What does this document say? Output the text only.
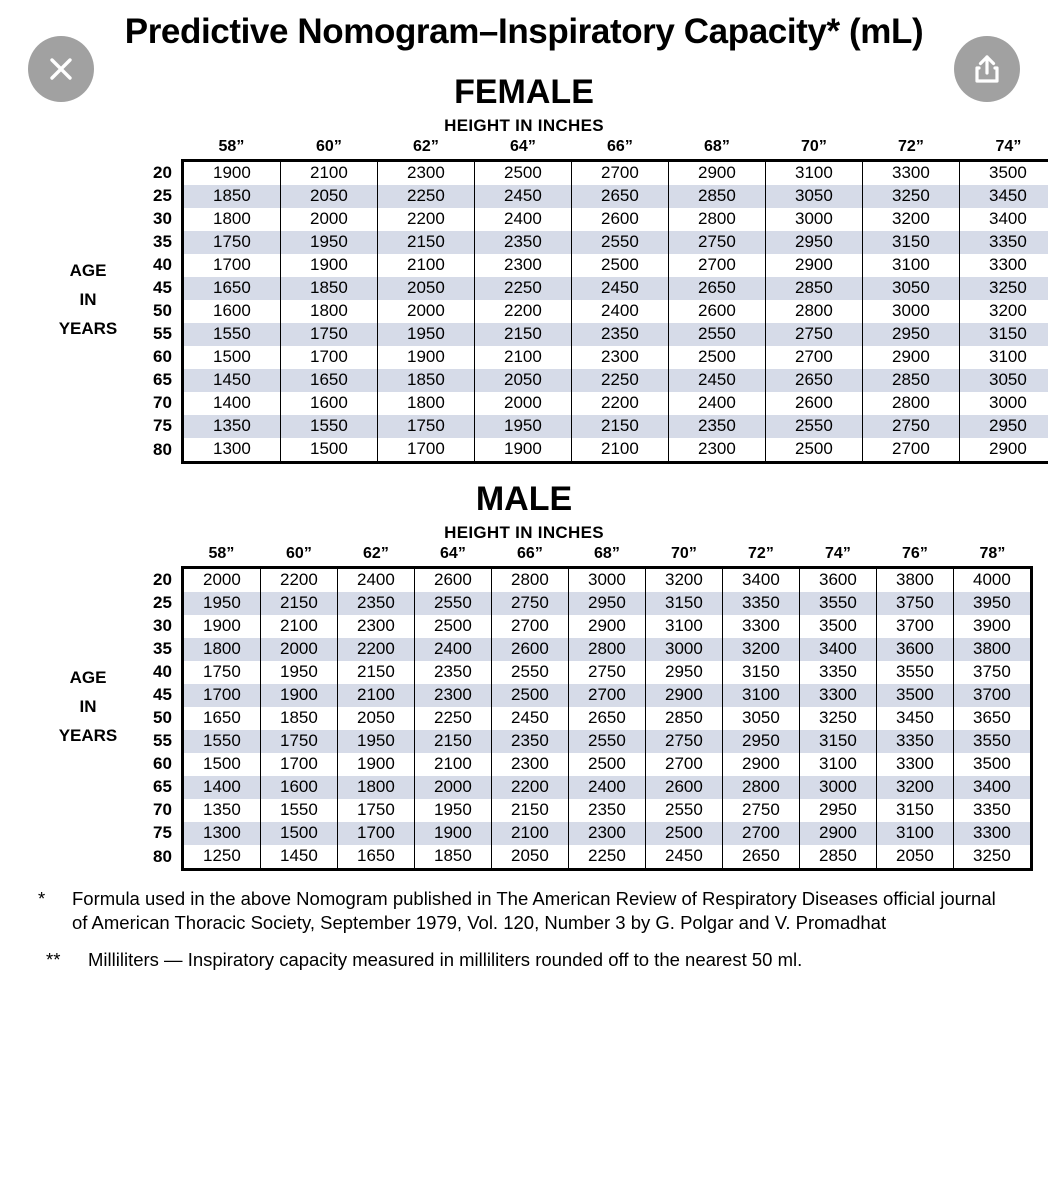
Predictive Nomogram–Inspiratory Capacity* (mL)
FEMALE
HEIGHT IN INCHES
AGE
IN
YEARS
	58”	60”	62”	64”	66”	68”	70”	72”	74”
20	1900	2100	2300	2500	2700	2900	3100	3300	3500
25	1850	2050	2250	2450	2650	2850	3050	3250	3450
30	1800	2000	2200	2400	2600	2800	3000	3200	3400
35	1750	1950	2150	2350	2550	2750	2950	3150	3350
40	1700	1900	2100	2300	2500	2700	2900	3100	3300
45	1650	1850	2050	2250	2450	2650	2850	3050	3250
50	1600	1800	2000	2200	2400	2600	2800	3000	3200
55	1550	1750	1950	2150	2350	2550	2750	2950	3150
60	1500	1700	1900	2100	2300	2500	2700	2900	3100
65	1450	1650	1850	2050	2250	2450	2650	2850	3050
70	1400	1600	1800	2000	2200	2400	2600	2800	3000
75	1350	1550	1750	1950	2150	2350	2550	2750	2950
80	1300	1500	1700	1900	2100	2300	2500	2700	2900
MALE
HEIGHT IN INCHES
AGE
IN
YEARS
	58”	60”	62”	64”	66”	68”	70”	72”	74”	76”	78”
20	2000	2200	2400	2600	2800	3000	3200	3400	3600	3800	4000
25	1950	2150	2350	2550	2750	2950	3150	3350	3550	3750	3950
30	1900	2100	2300	2500	2700	2900	3100	3300	3500	3700	3900
35	1800	2000	2200	2400	2600	2800	3000	3200	3400	3600	3800
40	1750	1950	2150	2350	2550	2750	2950	3150	3350	3550	3750
45	1700	1900	2100	2300	2500	2700	2900	3100	3300	3500	3700
50	1650	1850	2050	2250	2450	2650	2850	3050	3250	3450	3650
55	1550	1750	1950	2150	2350	2550	2750	2950	3150	3350	3550
60	1500	1700	1900	2100	2300	2500	2700	2900	3100	3300	3500
65	1400	1600	1800	2000	2200	2400	2600	2800	3000	3200	3400
70	1350	1550	1750	1950	2150	2350	2550	2750	2950	3150	3350
75	1300	1500	1700	1900	2100	2300	2500	2700	2900	3100	3300
80	1250	1450	1650	1850	2050	2250	2450	2650	2850	2050	3250
*	Formula used in the above Nomogram published in The American Review of Respiratory Diseases official journal of American Thoracic Society, September 1979, Vol. 120, Number 3 by G. Polgar and V. Promadhat
**	Milliliters — Inspiratory capacity measured in milliliters rounded off to the nearest 50 ml.
